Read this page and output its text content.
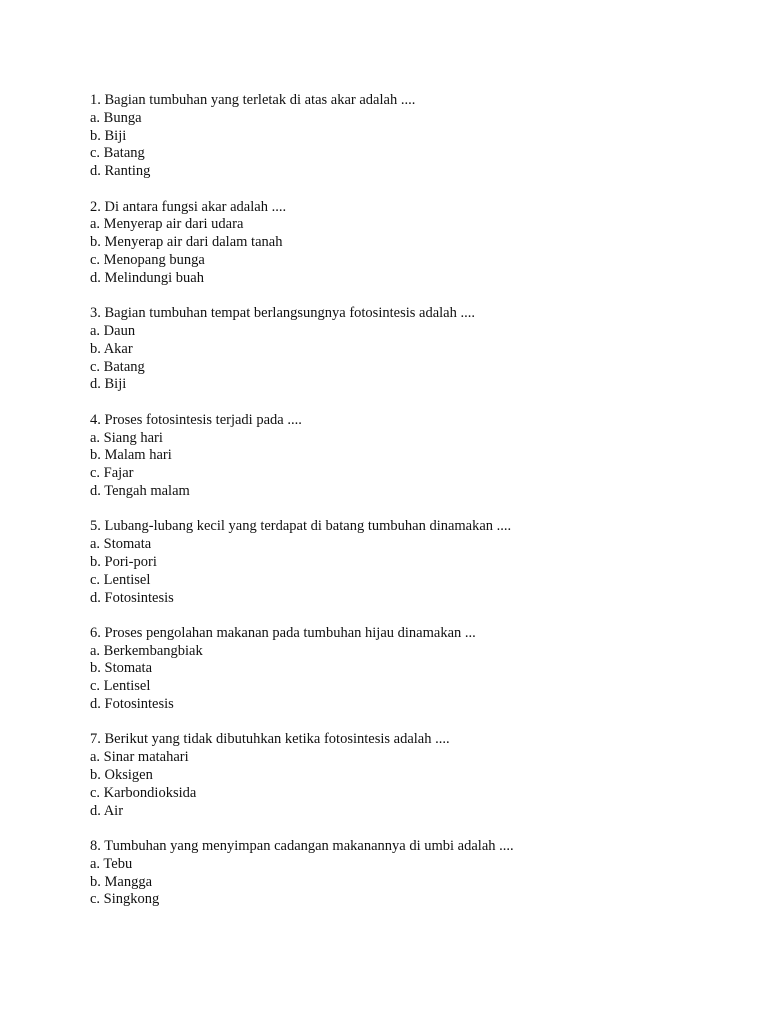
1. Bagian tumbuhan yang terletak di atas akar adalah ....
a. Bunga
b. Biji
c. Batang
d. Ranting
2. Di antara fungsi akar adalah ....
a. Menyerap air dari udara
b. Menyerap air dari dalam tanah
c. Menopang bunga
d. Melindungi buah
3. Bagian tumbuhan tempat berlangsungnya fotosintesis adalah ....
a. Daun
b. Akar
c. Batang
d. Biji
4. Proses fotosintesis terjadi pada ....
a. Siang hari
b. Malam hari
c. Fajar
d. Tengah malam
5. Lubang-lubang kecil yang terdapat di batang tumbuhan dinamakan ....
a. Stomata
b. Pori-pori
c. Lentisel
d. Fotosintesis
6. Proses pengolahan makanan pada tumbuhan hijau dinamakan ...
a. Berkembangbiak
b. Stomata
c. Lentisel
d. Fotosintesis
7. Berikut yang tidak dibutuhkan ketika fotosintesis adalah ....
a. Sinar matahari
b. Oksigen
c. Karbondioksida
d. Air
8. Tumbuhan yang menyimpan cadangan makanannya di umbi adalah ....
a. Tebu
b. Mangga
c. Singkong
